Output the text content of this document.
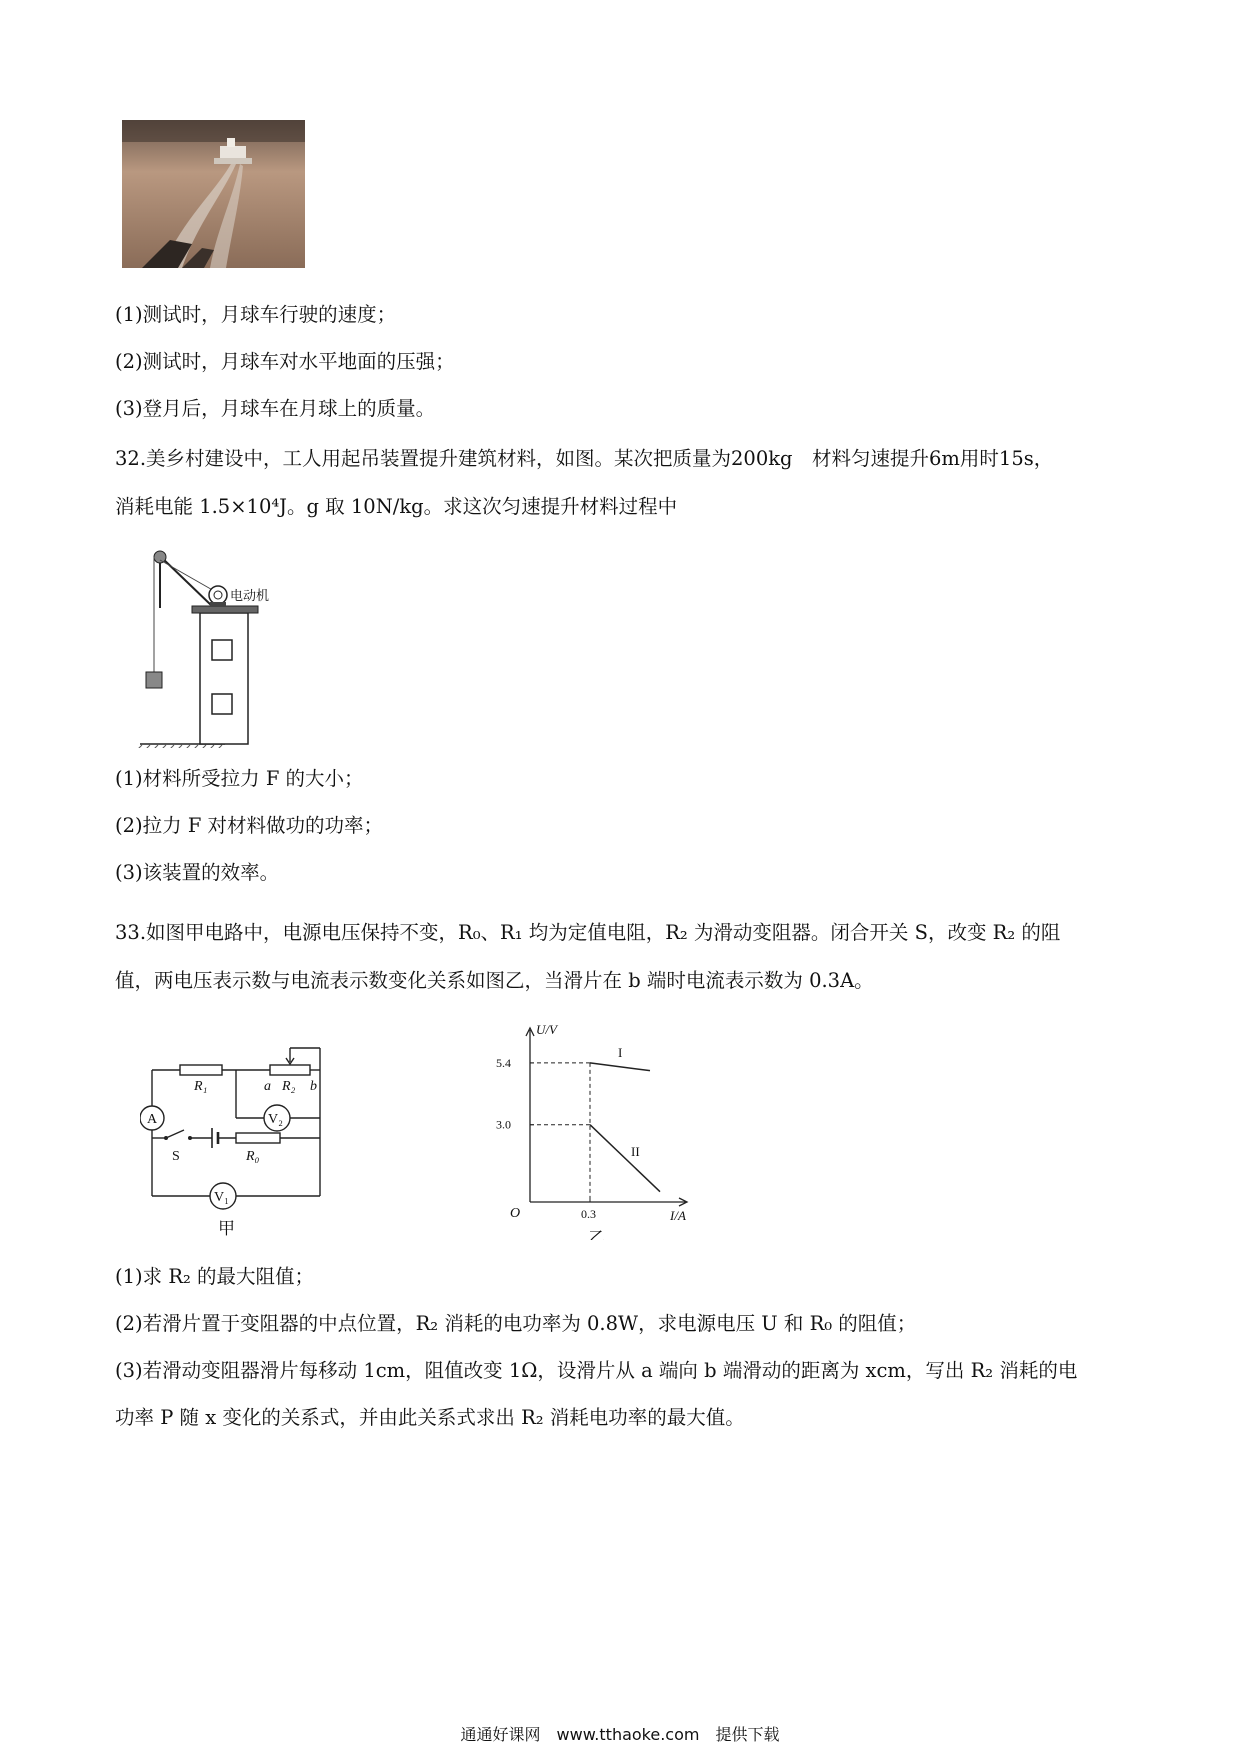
(1)测试时，月球车行驶的速度；
(2)测试时，月球车对水平地面的压强；
(3)登月后，月球车在月球上的质量。
32.美乡村建设中，工人用起吊装置提升建筑材料，如图。某次把质量为200kg　材料匀速提升6m用时15s，
消耗电能 1.5×10⁴J。g 取 10N/kg。求这次匀速提升材料过程中
电动机
(1)材料所受拉力 F 的大小；
(2)拉力 F 对材料做功的功率；
(3)该装置的效率。
33.如图甲电路中，电源电压保持不变，R₀、R₁ 均为定值电阻，R₂ 为滑动变阻器。闭合开关 S，改变 R₂ 的阻
值，两电压表示数与电流表示数变化关系如图乙，当滑片在 b 端时电流表示数为 0.3A。
R₁	a R₂ b
R₀
A	V₂
V₁
S
甲
0.3
3.0
5.4
I
II
U/V
I/A
O
乙
(1)求 R₂ 的最大阻值；
(2)若滑片置于变阻器的中点位置，R₂ 消耗的电功率为 0.8W，求电源电压 U 和 R₀ 的阻值；
(3)若滑动变阻器滑片每移动 1cm，阻值改变 1Ω，设滑片从 a 端向 b 端滑动的距离为 xcm，写出 R₂ 消耗的电
功率 P 随 x 变化的关系式，并由此关系式求出 R₂ 消耗电功率的最大值。
通通好课网　www.tthaoke.com　提供下载
